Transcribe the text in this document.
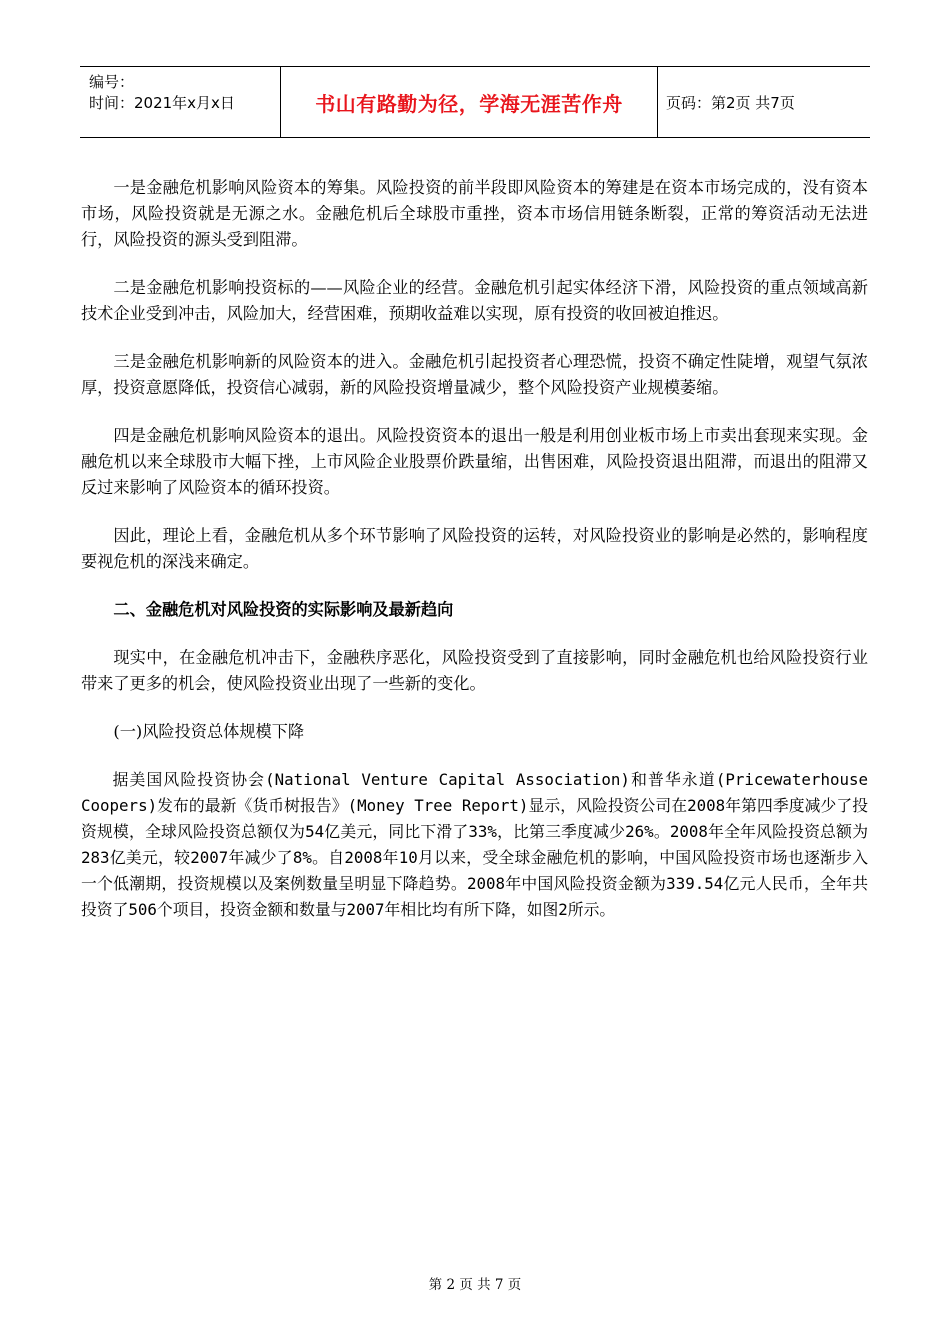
编号：
时间：2021年x月x日	书山有路勤为径，学海无涯苦作舟	页码：第2页 共7页

一是金融危机影响风险资本的筹集。风险投资的前半段即风险资本的筹建是在资本市场完成的，没有资本市场，风险投资就是无源之水。金融危机后全球股市重挫，资本市场信用链条断裂，正常的筹资活动无法进行，风险投资的源头受到阻滞。

二是金融危机影响投资标的——风险企业的经营。金融危机引起实体经济下滑，风险投资的重点领域高新技术企业受到冲击，风险加大，经营困难，预期收益难以实现，原有投资的收回被迫推迟。

三是金融危机影响新的风险资本的进入。金融危机引起投资者心理恐慌，投资不确定性陡增，观望气氛浓厚，投资意愿降低，投资信心减弱，新的风险投资增量减少，整个风险投资产业规模萎缩。

四是金融危机影响风险资本的退出。风险投资资本的退出一般是利用创业板市场上市卖出套现来实现。金融危机以来全球股市大幅下挫，上市风险企业股票价跌量缩，出售困难，风险投资退出阻滞，而退出的阻滞又反过来影响了风险资本的循环投资。

因此，理论上看，金融危机从多个环节影响了风险投资的运转，对风险投资业的影响是必然的，影响程度要视危机的深浅来确定。

二、金融危机对风险投资的实际影响及最新趋向

现实中，在金融危机冲击下，金融秩序恶化，风险投资受到了直接影响，同时金融危机也给风险投资行业带来了更多的机会，使风险投资业出现了一些新的变化。

(一)风险投资总体规模下降

据美国风险投资协会(National Venture Capital Association)和普华永道(Pricewaterhouse Coopers)发布的最新《货币树报告》(Money Tree Report)显示，风险投资公司在2008年第四季度减少了投资规模，全球风险投资总额仅为54亿美元，同比下滑了33%，比第三季度减少26%。2008年全年风险投资总额为283亿美元，较2007年减少了8%。自2008年10月以来，受全球金融危机的影响，中国风险投资市场也逐渐步入一个低潮期，投资规模以及案例数量呈明显下降趋势。2008年中国风险投资金额为339.54亿元人民币，全年共投资了506个项目，投资金额和数量与2007年相比均有所下降，如图2所示。

第 2 页 共 7 页
